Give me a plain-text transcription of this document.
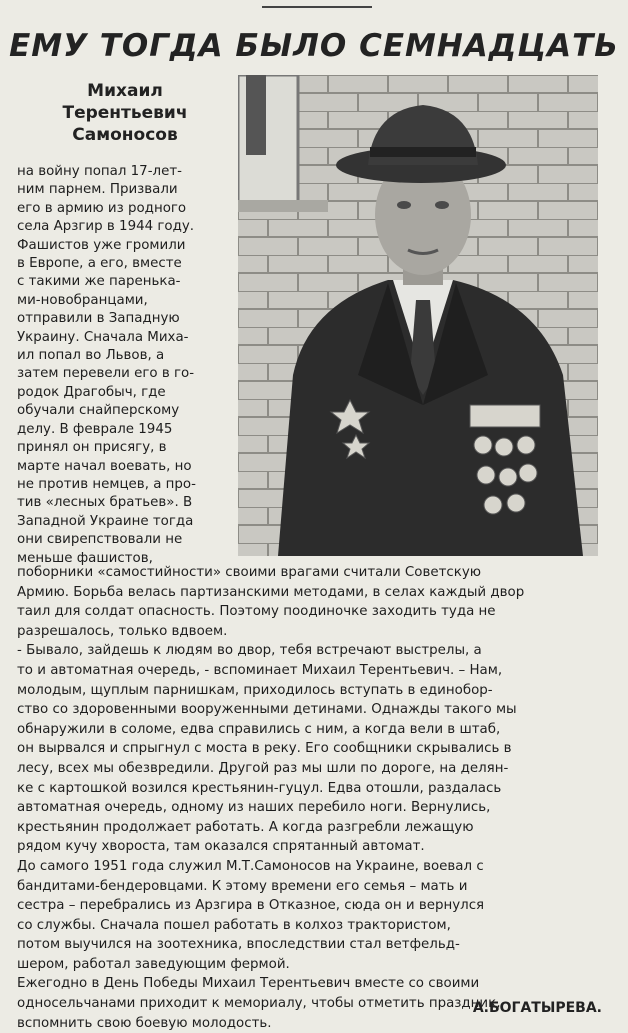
ЕМУ ТОГДА БЫЛО СЕМНАДЦАТЬ
Михаил
Терентьевич
Самоносов
на войну попал 17-лет-
ним парнем. Призвали
его в армию из родного
села Арзгир в 1944 году.
Фашистов уже громили
в Европе, а его, вместе
с такими же паренька-
ми-новобранцами,
отправили в Западную
Украину. Сначала Миха-
ил попал во Львов, а
затем перевели его в го-
родок Драгобыч, где
обучали снайперскому
делу. В феврале 1945
принял он присягу, в
марте начал воевать, но
не против немцев, а про-
тив «лесных братьев». В
Западной Украине тогда
они свирепствовали не
меньше фашистов,
поборники «самостийности» своими врагами считали Советскую
Армию. Борьба велась партизанскими методами, в селах каждый двор
таил для солдат опасность. Поэтому поодиночке заходить туда не
разрешалось, только вдвоем.
- Бывало, зайдешь к людям во двор, тебя встречают выстрелы, а
то и автоматная очередь, - вспоминает Михаил Терентьевич. – Нам,
молодым, щуплым парнишкам, приходилось вступать в единобор-
ство со здоровенными вооруженными детинами. Однажды такого мы
обнаружили в соломе, едва справились с ним, а когда вели в штаб,
он вырвался и спрыгнул с моста в реку. Его сообщники скрывались в
лесу, всех мы обезвредили. Другой раз мы шли по дороге, на делян-
ке с картошкой возился крестьянин-гуцул. Едва отошли, раздалась
автоматная очередь, одному из наших перебило ноги. Вернулись,
крестьянин продолжает работать. А когда разгребли лежащую
рядом кучу хвороста, там оказался спрятанный автомат.
До самого 1951 года служил М.Т.Самоносов на Украине, воевал с
бандитами-бендеровцами. К этому времени его семья – мать и
сестра – перебрались из Арзгира в Отказное, сюда он и вернулся
со службы. Сначала пошел работать в колхоз трактористом,
потом выучился на зоотехника, впоследствии стал ветфельд-
шером, работал заведующим фермой.
Ежегодно в День Победы Михаил Терентьевич вместе со своими
односельчанами приходит к мемориалу, чтобы отметить праздник,
вспомнить свою боевую молодость.
А.БОГАТЫРЕВА.
